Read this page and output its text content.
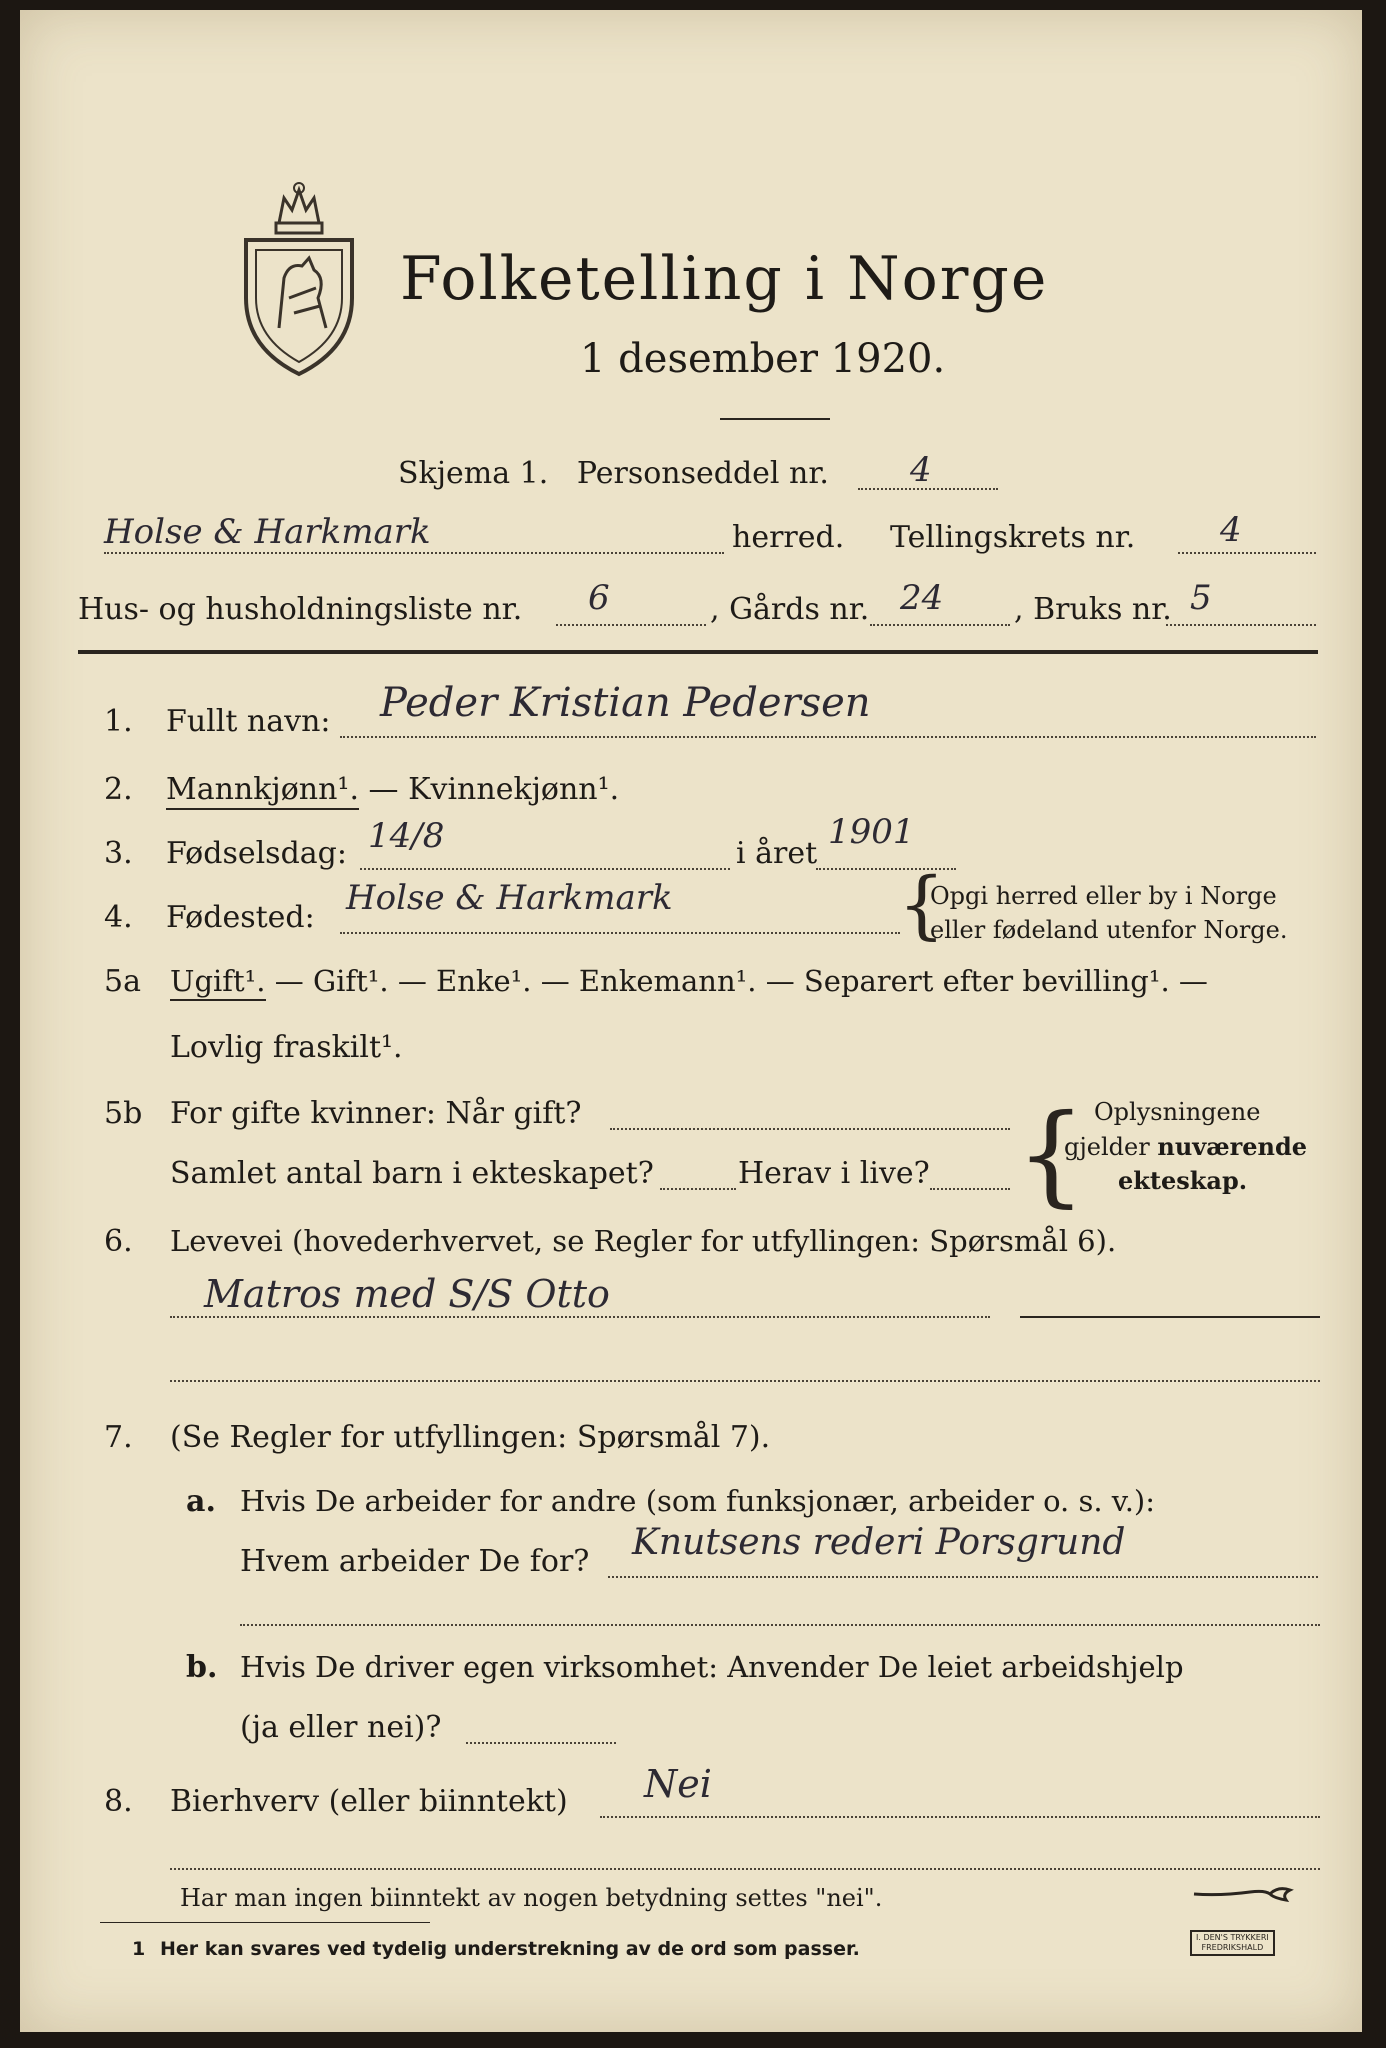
Folketelling i Norge
1 desember 1920.
Skjema 1. Personseddel nr. 4
Holse & Harkmark	herred. Tellingskrets nr. 4
Hus- og husholdningsliste nr. 6	, Gårds nr. 24 , Bruks nr. 5
1. Fullt navn: Peder Kristian Pedersen
2. Mannkjønn¹. — Kvinnekjønn¹.
3. Fødselsdag: 14/8	i året
1901
4. Fødested: Holse & Harkmark	{
Opgi herred eller by i Norge
eller fødeland utenfor Norge.
5a Ugift¹. — Gift¹. — Enke¹. — Enkemann¹. — Separert efter bevilling¹. —
Lovlig fraskilt¹.
5b For gifte kvinner: Når gift?
Samlet antal barn i ekteskapet?	Herav i live? { Oplysningene
gjelder nuværende
ekteskap.
6. Levevei (hovederhvervet, se Regler for utfyllingen: Spørsmål 6).
Matros med S/S Otto
7. (Se Regler for utfyllingen: Spørsmål 7).
a. Hvis De arbeider for andre (som funksjonær, arbeider o. s. v.):
Hvem arbeider De for? Knutsens rederi Porsgrund
b. Hvis De driver egen virksomhet: Anvender De leiet arbeidshjelp
(ja eller nei)?
8. Bierhverv (eller biinntekt) Nei
Har man ingen biinntekt av nogen betydning settes "nei".
1 Her kan svares ved tydelig understrekning av de ord som passer.
I. DEN'S TRYKKERI
FREDRIKSHALD
